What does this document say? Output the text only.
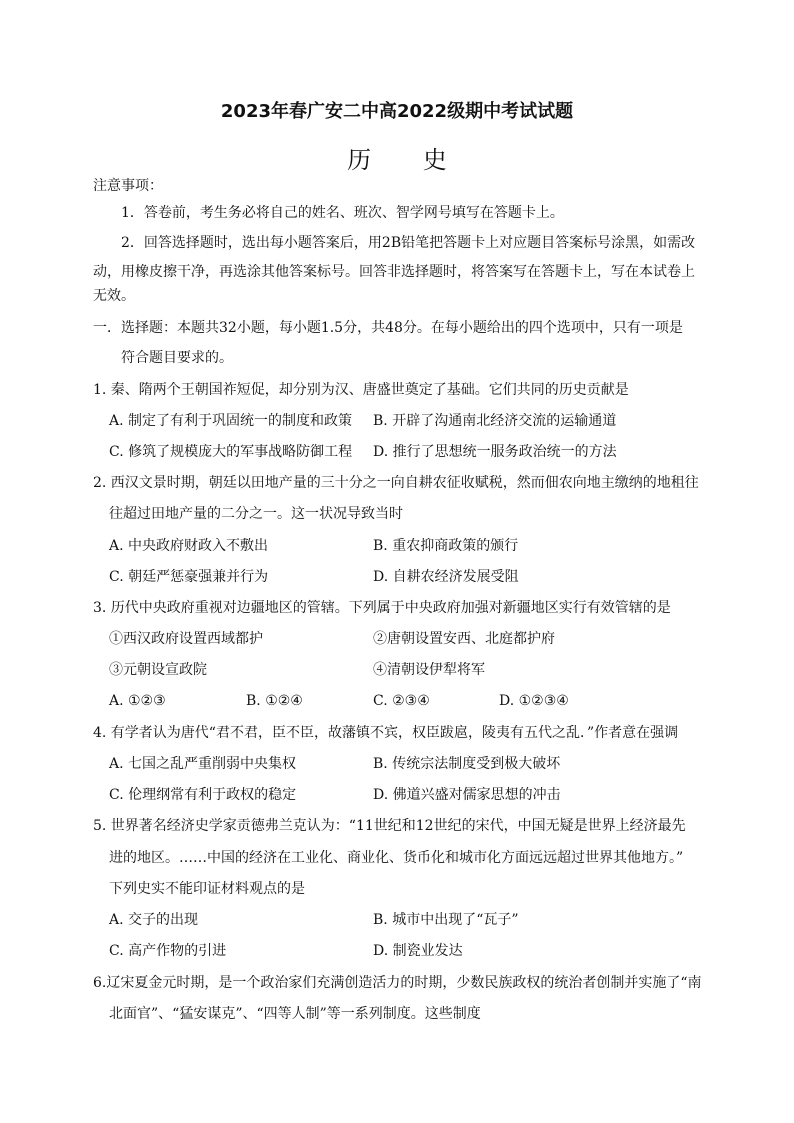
2023年春广安二中高2022级期中考试试题
历 史
注意事项：
1．答卷前，考生务必将自己的姓名、班次、智学网号填写在答题卡上。
2．回答选择题时，选出每小题答案后，用2B铅笔把答题卡上对应题目答案标号涂黑，如需改
动，用橡皮擦干净，再选涂其他答案标号。回答非选择题时，将答案写在答题卡上，写在本试卷上
无效。
一．选择题：本题共32小题，每小题1.5分，共48分。在每小题给出的四个选项中，只有一项是
符合题目要求的。
1. 秦、隋两个王朝国祚短促，却分别为汉、唐盛世奠定了基础。它们共同的历史贡献是
A. 制定了有利于巩固统一的制度和政策 B. 开辟了沟通南北经济交流的运输通道
C. 修筑了规模庞大的军事战略防御工程 D. 推行了思想统一服务政治统一的方法
2. 西汉文景时期，朝廷以田地产量的三十分之一向自耕农征收赋税，然而佃农向地主缴纳的地租往
往超过田地产量的二分之一。这一状况导致当时
A. 中央政府财政入不敷出	B. 重农抑商政策的颁行
C. 朝廷严惩豪强兼并行为	D. 自耕农经济发展受阻
3. 历代中央政府重视对边疆地区的管辖。下列属于中央政府加强对新疆地区实行有效管辖的是
①西汉政府设置西域都护	②唐朝设置安西、北庭都护府
③元朝设宣政院	④清朝设伊犁将军
A. ①②③	B. ①②④	C. ②③④	D. ①②③④
4. 有学者认为唐代“君不君，臣不臣，故藩镇不宾，权臣跋扈，陵夷有五代之乱．”作者意在强调
A. 七国之乱严重削弱中央集权	B. 传统宗法制度受到极大破坏
C. 伦理纲常有利于政权的稳定	D. 佛道兴盛对儒家思想的冲击
5. 世界著名经济史学家贡德弗兰克认为：“11世纪和12世纪的宋代，中国无疑是世界上经济最先
进的地区。……中国的经济在工业化、商业化、货币化和城市化方面远远超过世界其他地方。”
下列史实不能印证材料观点的是
A. 交子的出现	B. 城市中出现了“瓦子”
C. 高产作物的引进	D. 制瓷业发达
6.辽宋夏金元时期，是一个政治家们充满创造活力的时期，少数民族政权的统治者创制并实施了“南
北面官”、“猛安谋克”、“四等人制”等一系列制度。这些制度
